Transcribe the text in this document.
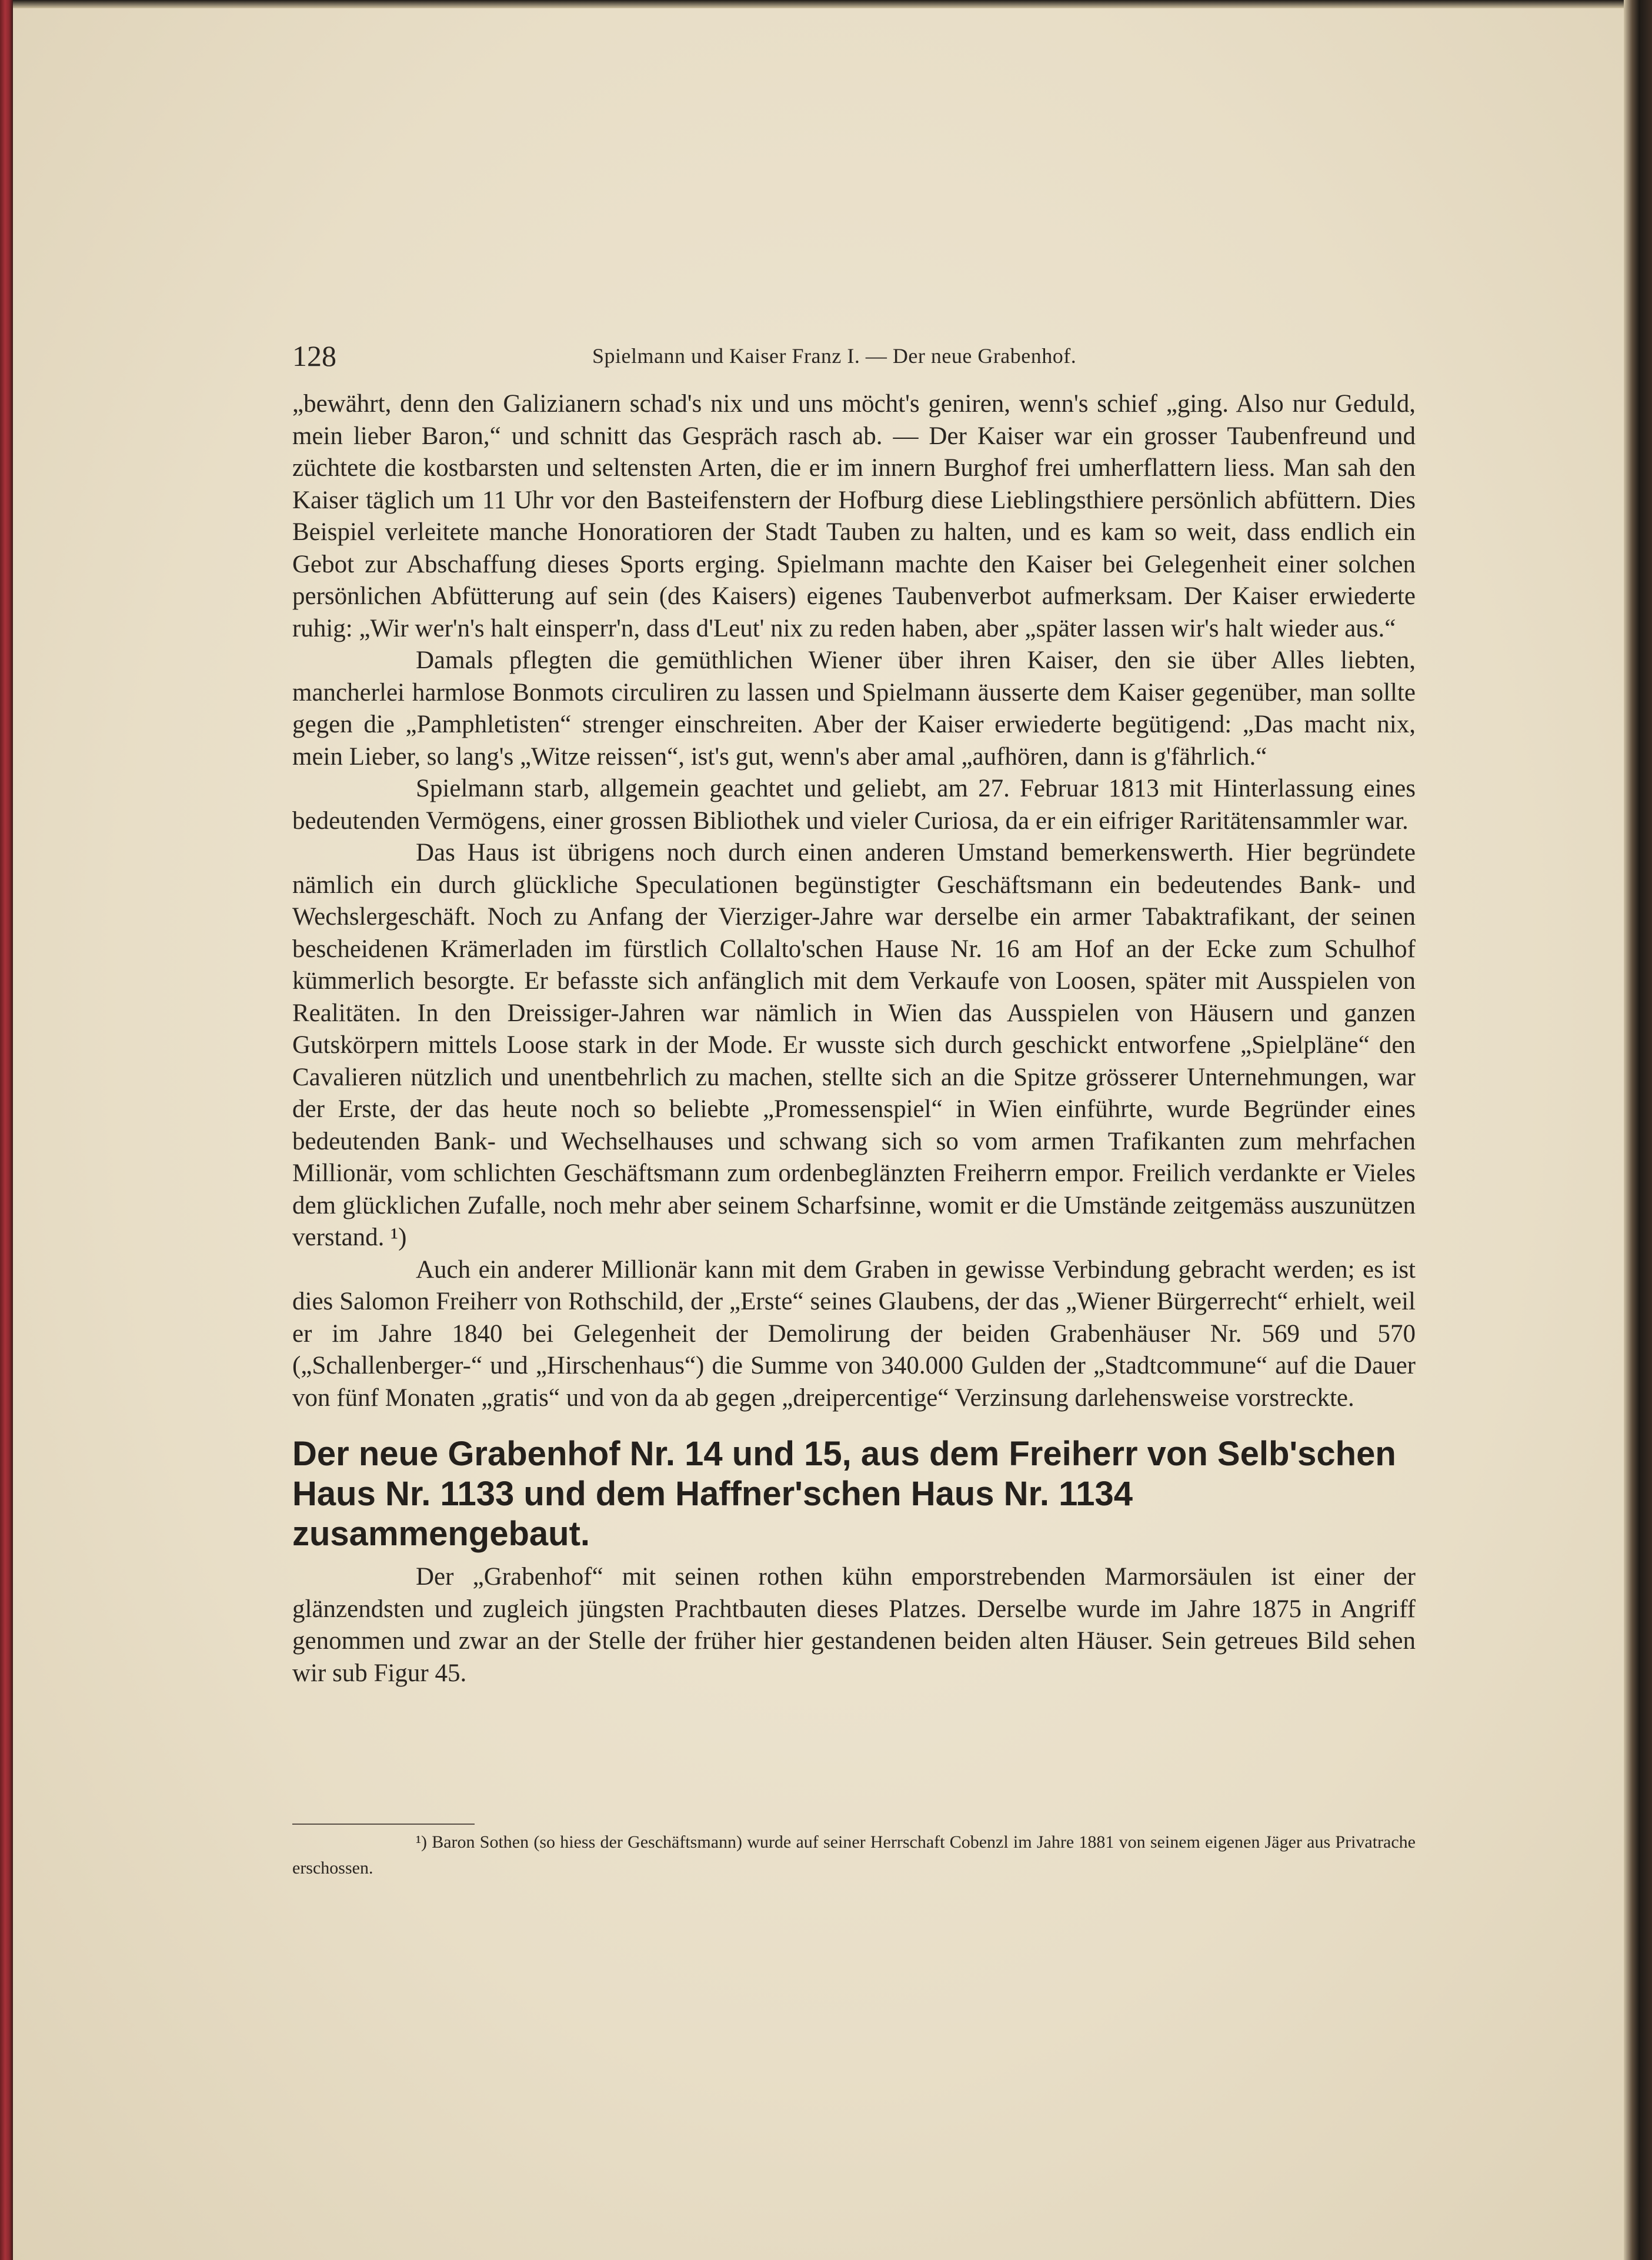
128	Spielmann und Kaiser Franz I. — Der neue Grabenhof.

„bewährt, denn den Galizianern schad's nix und uns möcht's geniren, wenn's schief „ging. Also nur Geduld, mein lieber Baron,“ und schnitt das Gespräch rasch ab. — Der Kaiser war ein grosser Taubenfreund und züchtete die kostbarsten und seltensten Arten, die er im innern Burghof frei umherflattern liess. Man sah den Kaiser täglich um 11 Uhr vor den Basteifenstern der Hofburg diese Lieblingsthiere persönlich abfüttern. Dies Beispiel verleitete manche Honoratioren der Stadt Tauben zu halten, und es kam so weit, dass endlich ein Gebot zur Abschaffung dieses Sports erging. Spielmann machte den Kaiser bei Gelegenheit einer solchen persönlichen Abfütterung auf sein (des Kaisers) eigenes Taubenverbot aufmerksam. Der Kaiser erwiederte ruhig: „Wir wer'n's halt einsperr'n, dass d'Leut' nix zu reden haben, aber „später lassen wir's halt wieder aus.“

Damals pflegten die gemüthlichen Wiener über ihren Kaiser, den sie über Alles liebten, mancherlei harmlose Bonmots circuliren zu lassen und Spielmann äusserte dem Kaiser gegenüber, man sollte gegen die „Pamphletisten“ strenger einschreiten. Aber der Kaiser erwiederte begütigend: „Das macht nix, mein Lieber, so lang's „Witze reissen“, ist's gut, wenn's aber amal „aufhören, dann is g'fährlich.“

Spielmann starb, allgemein geachtet und geliebt, am 27. Februar 1813 mit Hinterlassung eines bedeutenden Vermögens, einer grossen Bibliothek und vieler Curiosa, da er ein eifriger Raritätensammler war.

Das Haus ist übrigens noch durch einen anderen Umstand bemerkenswerth. Hier begründete nämlich ein durch glückliche Speculationen begünstigter Geschäftsmann ein bedeutendes Bank- und Wechslergeschäft. Noch zu Anfang der Vierziger-Jahre war derselbe ein armer Tabaktrafikant, der seinen bescheidenen Krämerladen im fürstlich Collalto'schen Hause Nr. 16 am Hof an der Ecke zum Schulhof kümmerlich besorgte. Er befasste sich anfänglich mit dem Verkaufe von Loosen, später mit Ausspielen von Realitäten. In den Dreissiger-Jahren war nämlich in Wien das Ausspielen von Häusern und ganzen Gutskörpern mittels Loose stark in der Mode. Er wusste sich durch geschickt entworfene „Spielpläne“ den Cavalieren nützlich und unentbehrlich zu machen, stellte sich an die Spitze grösserer Unternehmungen, war der Erste, der das heute noch so beliebte „Promessenspiel“ in Wien einführte, wurde Begründer eines bedeutenden Bank- und Wechselhauses und schwang sich so vom armen Trafikanten zum mehrfachen Millionär, vom schlichten Geschäftsmann zum ordenbeglänzten Freiherrn empor. Freilich verdankte er Vieles dem glücklichen Zufalle, noch mehr aber seinem Scharfsinne, womit er die Umstände zeitgemäss auszunützen verstand. ¹)

Auch ein anderer Millionär kann mit dem Graben in gewisse Verbindung gebracht werden; es ist dies Salomon Freiherr von Rothschild, der „Erste“ seines Glaubens, der das „Wiener Bürgerrecht“ erhielt, weil er im Jahre 1840 bei Gelegenheit der Demolirung der beiden Grabenhäuser Nr. 569 und 570 („Schallenberger-“ und „Hirschenhaus“) die Summe von 340.000 Gulden der „Stadtcommune“ auf die Dauer von fünf Monaten „gratis“ und von da ab gegen „dreipercentige“ Verzinsung darlehensweise vorstreckte.

Der neue Grabenhof Nr. 14 und 15, aus dem Freiherr von Selb'schen Haus Nr. 1133 und dem Haffner'schen Haus Nr. 1134 zusammengebaut.

Der „Grabenhof“ mit seinen rothen kühn emporstrebenden Marmorsäulen ist einer der glänzendsten und zugleich jüngsten Prachtbauten dieses Platzes. Derselbe wurde im Jahre 1875 in Angriff genommen und zwar an der Stelle der früher hier gestandenen beiden alten Häuser. Sein getreues Bild sehen wir sub Figur 45.

¹) Baron Sothen (so hiess der Geschäftsmann) wurde auf seiner Herrschaft Cobenzl im Jahre 1881 von seinem eigenen Jäger aus Privatrache erschossen.
